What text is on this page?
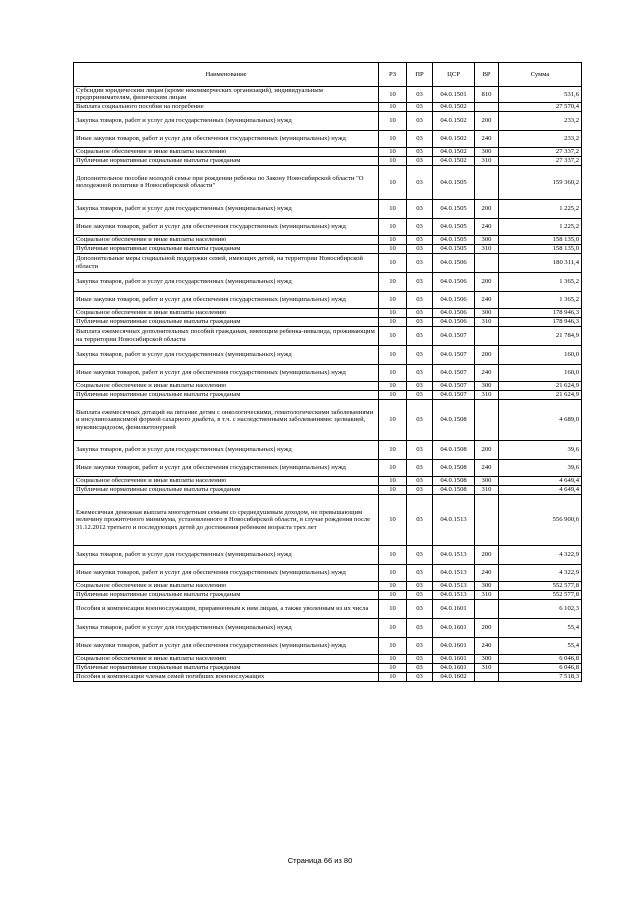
Наименование	РЗ	ПР	ЦСР	ВР	Сумма
Субсидии юридическим лицам (кроме некоммерческих организаций), индивидуальным предпринимателям, физическим лицам	10	03	04.0.1501	810	531,6
Выплата социального пособия на погребение	10	03	04.0.1502		27 570,4
Закупка товаров, работ и услуг для государственных (муниципальных) нужд	10	03	04.0.1502	200	233,2
Иные закупки товаров, работ и услуг для обеспечения государственных (муниципальных) нужд	10	03	04.0.1502	240	233,2
Социальное обеспечение и иные выплаты населению	10	03	04.0.1502	300	27 337,2
Публичные нормативные социальные выплаты гражданам	10	03	04.0.1502	310	27 337,2
Дополнительное пособие молодой семье при рождении ребенка по Закону Новосибирской области "О молодежной политике в Новосибирской области"	10	03	04.0.1505		159 360,2
Закупка товаров, работ и услуг для государственных (муниципальных) нужд	10	03	04.0.1505	200	1 225,2
Иные закупки товаров, работ и услуг для обеспечения государственных (муниципальных) нужд	10	03	04.0.1505	240	1 225,2
Социальное обеспечение и иные выплаты населению	10	03	04.0.1505	300	158 135,0
Публичные нормативные социальные выплаты гражданам	10	03	04.0.1505	310	158 135,0
Дополнительные меры социальной поддержки семей, имеющих детей, на территории Новосибирской области	10	03	04.0.1506		180 311,4
Закупка товаров, работ и услуг для государственных (муниципальных) нужд	10	03	04.0.1506	200	1 365,2
Иные закупки товаров, работ и услуг для обеспечения государственных (муниципальных) нужд	10	03	04.0.1506	240	1 365,2
Социальное обеспечение и иные выплаты населению	10	03	04.0.1506	300	178 946,3
Публичные нормативные социальные выплаты гражданам	10	03	04.0.1506	310	178 946,3
Выплата ежемесячных дополнительных пособий гражданам, имеющим ребенка-инвалида, проживающим на территории Новосибирской области	10	03	04.0.1507		21 784,9
Закупка товаров, работ и услуг для государственных (муниципальных) нужд	10	03	04.0.1507	200	160,0
Иные закупки товаров, работ и услуг для обеспечения государственных (муниципальных) нужд	10	03	04.0.1507	240	160,0
Социальное обеспечение и иные выплаты населению	10	03	04.0.1507	300	21 624,9
Публичные нормативные социальные выплаты гражданам	10	03	04.0.1507	310	21 624,9
Выплата ежемесячных дотаций на питание детям с онкологическими, гематологическими заболеваниями и инсулинозависимой формой сахарного диабета, в т.ч. с наследственными заболеваниями: целиакией, муковисцидозом, фенилкетонурией	10	03	04.0.1508		4 689,0
Закупка товаров, работ и услуг для государственных (муниципальных) нужд	10	03	04.0.1508	200	39,6
Иные закупки товаров, работ и услуг для обеспечения государственных (муниципальных) нужд	10	03	04.0.1508	240	39,6
Социальное обеспечение и иные выплаты населению	10	03	04.0.1508	300	4 649,4
Публичные нормативные социальные выплаты гражданам	10	03	04.0.1508	310	4 649,4
Ежемесячная денежная выплата многодетным семьям со среднедушевым доходом, не превышающим величину прожиточного минимума, установленного в Новосибирской области, в случае рождения после 31.12.2012 третьего и последующих детей до достижения ребенком возраста трех лет	10	03	04.0.1513		556 900,6
Закупка товаров, работ и услуг для государственных (муниципальных) нужд	10	03	04.0.1513	200	4 322,9
Иные закупки товаров, работ и услуг для обеспечения государственных (муниципальных) нужд	10	03	04.0.1513	240	4 322,9
Социальное обеспечение и иные выплаты населению	10	03	04.0.1513	300	552 577,8
Публичные нормативные социальные выплаты гражданам	10	03	04.0.1513	310	552 577,8
Пособия и компенсации военнослужащим, приравненным к ним лицам, а также уволенным из их числа	10	03	04.0.1601		6 102,3
Закупка товаров, работ и услуг для государственных (муниципальных) нужд	10	03	04.0.1601	200	55,4
Иные закупки товаров, работ и услуг для обеспечения государственных (муниципальных) нужд	10	03	04.0.1601	240	55,4
Социальное обеспечение и иные выплаты населению	10	03	04.0.1601	300	6 046,8
Публичные нормативные социальные выплаты гражданам	10	03	04.0.1601	310	6 046,8
Пособия и компенсации членам семей погибших военнослужащих	10	03	04.0.1602		7 518,3
Страница 66 из 80
